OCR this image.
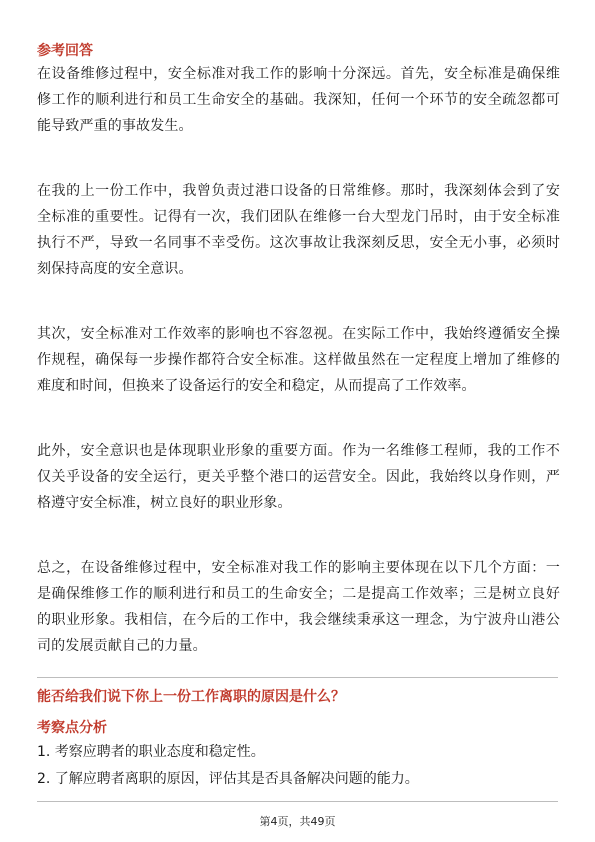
参考回答

在设备维修过程中，安全标准对我工作的影响十分深远。首先，安全标准是确保维修工作的顺利进行和员工生命安全的基础。我深知，任何一个环节的安全疏忽都可能导致严重的事故发生。

在我的上一份工作中，我曾负责过港口设备的日常维修。那时，我深刻体会到了安全标准的重要性。记得有一次，我们团队在维修一台大型龙门吊时，由于安全标准执行不严，导致一名同事不幸受伤。这次事故让我深刻反思，安全无小事，必须时刻保持高度的安全意识。

其次，安全标准对工作效率的影响也不容忽视。在实际工作中，我始终遵循安全操作规程，确保每一步操作都符合安全标准。这样做虽然在一定程度上增加了维修的难度和时间，但换来了设备运行的安全和稳定，从而提高了工作效率。

此外，安全意识也是体现职业形象的重要方面。作为一名维修工程师，我的工作不仅关乎设备的安全运行，更关乎整个港口的运营安全。因此，我始终以身作则，严格遵守安全标准，树立良好的职业形象。

总之，在设备维修过程中，安全标准对我工作的影响主要体现在以下几个方面：一是确保维修工作的顺利进行和员工的生命安全；二是提高工作效率；三是树立良好的职业形象。我相信，在今后的工作中，我会继续秉承这一理念，为宁波舟山港公司的发展贡献自己的力量。

能否给我们说下你上一份工作离职的原因是什么？
考察点分析

1. 考察应聘者的职业态度和稳定性。

2. 了解应聘者离职的原因，评估其是否具备解决问题的能力。

第4页，共49页
